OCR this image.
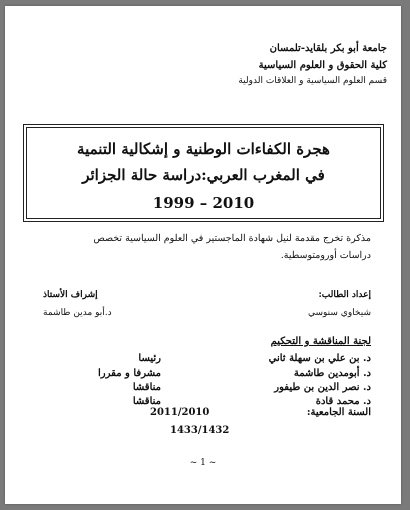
جامعة أبو بكر بلقايد-تلمسان
كلية الحقوق و العلوم السياسية
قسم العلوم السياسية و العلاقات الدولية
هجرة الكفاءات الوطنية و إشكالية التنمية
في المغرب العربي:دراسة حالة الجزائر
1999 – 2010
مذكرة تخرج مقدمة لنيل شهادة الماجستير في العلوم السياسية تخصص
دراسات أورومتوسطية.
إعداد الطالب:
شيخاوي سنوسي
إشراف الأستاذ
د.أبو مدين طاشمة
لجنة المناقشة و التحكيم
د. بن علي بن سهلة ثاني
رئيسا
د. أبومدين طاشمة
مشرفا و مقررا
د. نصر الدين بن طيفور
مناقشا
د. محمد قادة
مناقشا
السنة الجامعية:
2011/2010
1433/1432
~ 1 ~
